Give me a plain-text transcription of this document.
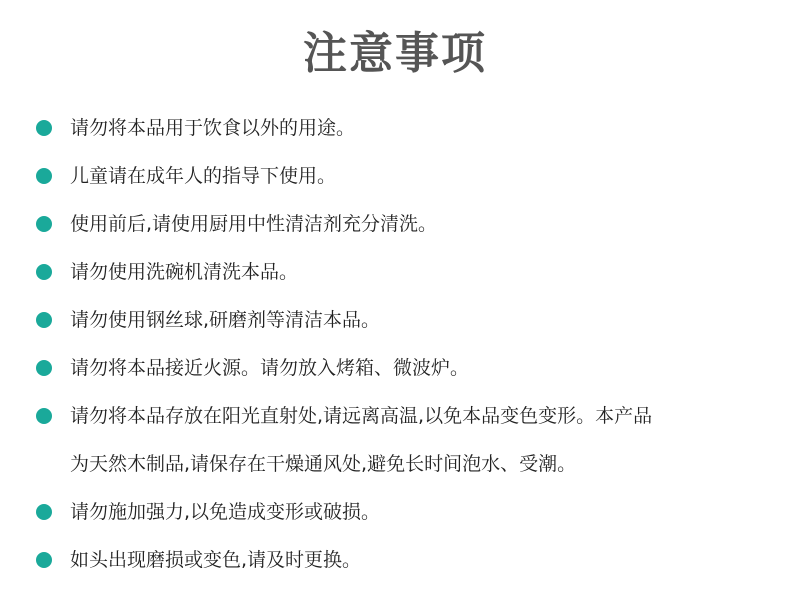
注意事项
请勿将本品用于饮食以外的用途。
儿童请在成年人的指导下使用。
使用前后,请使用厨用中性清洁剂充分清洗。
请勿使用洗碗机清洗本品。
请勿使用钢丝球,研磨剂等清洁本品。
请勿将本品接近火源。请勿放入烤箱、微波炉。
请勿将本品存放在阳光直射处,请远离高温,以免本品变色变形。本产品
为天然木制品,请保存在干燥通风处,避免长时间泡水、受潮。
请勿施加强力,以免造成变形或破损。
如头出现磨损或变色,请及时更换。
